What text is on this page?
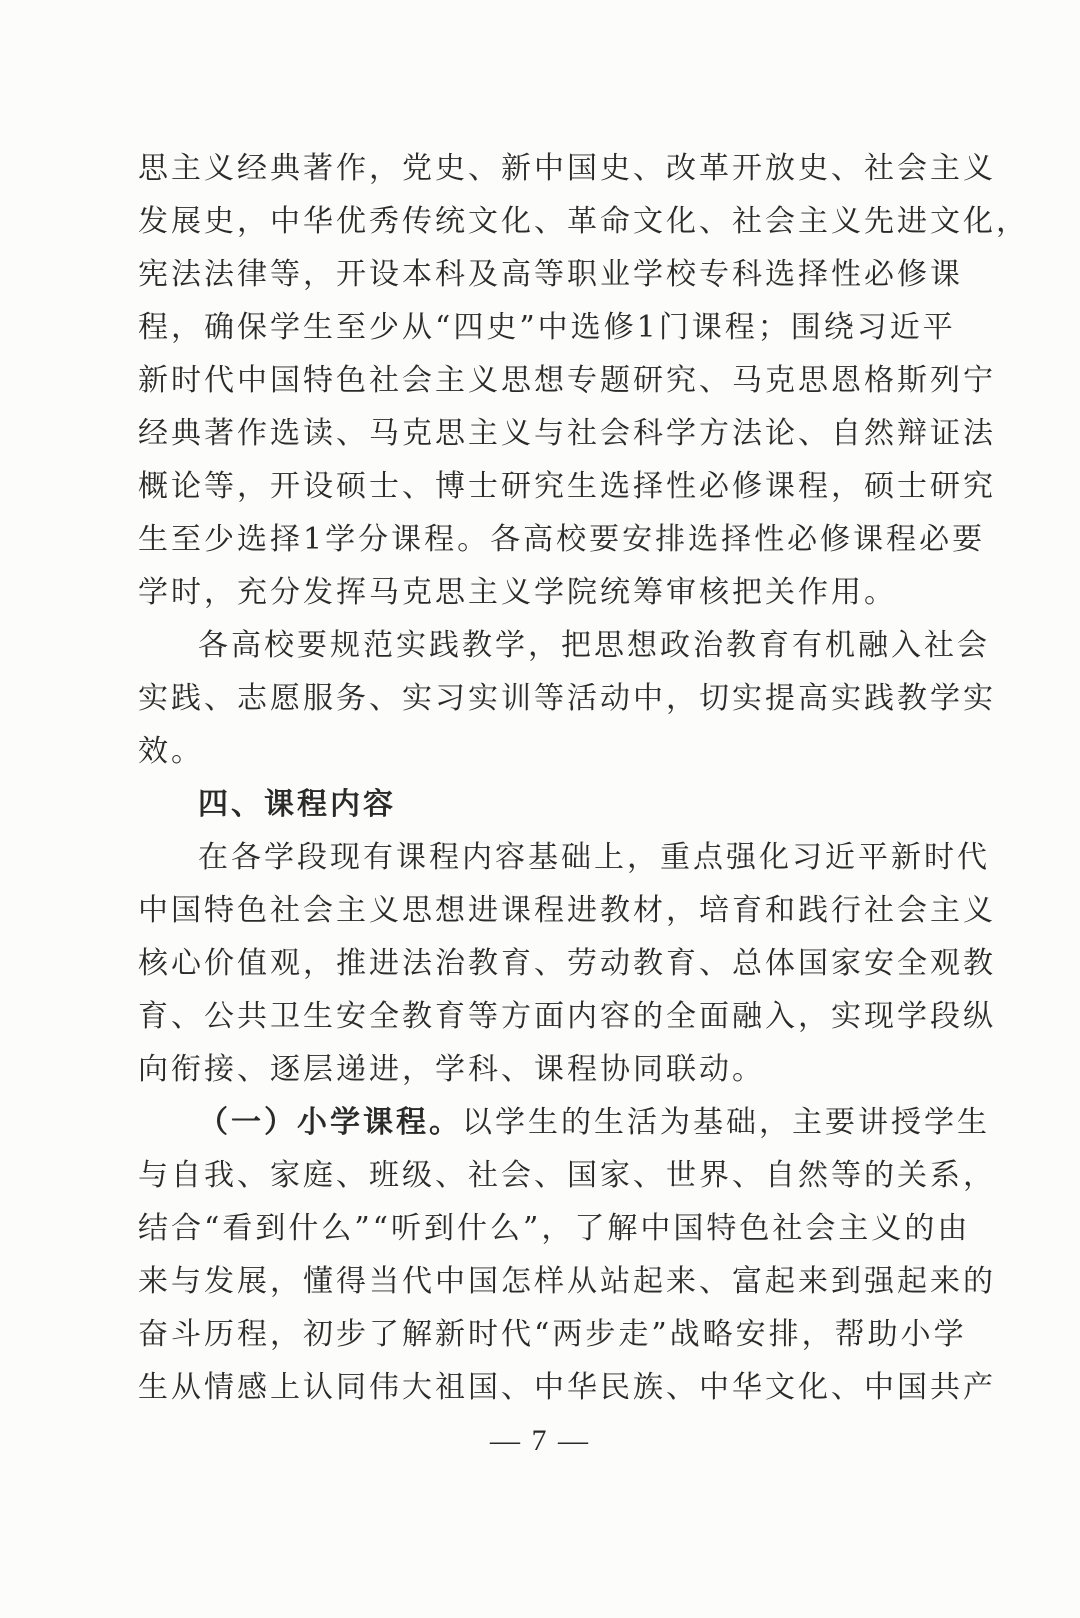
思主义经典著作，党史、新中国史、改革开放史、社会主义
发展史，中华优秀传统文化、革命文化、社会主义先进文化，
宪法法律等，开设本科及高等职业学校专科选择性必修课
程，确保学生至少从“四史”中选修1门课程；围绕习近平
新时代中国特色社会主义思想专题研究、马克思恩格斯列宁
经典著作选读、马克思主义与社会科学方法论、自然辩证法
概论等，开设硕士、博士研究生选择性必修课程，硕士研究
生至少选择1学分课程。各高校要安排选择性必修课程必要
学时，充分发挥马克思主义学院统筹审核把关作用。
各高校要规范实践教学，把思想政治教育有机融入社会
实践、志愿服务、实习实训等活动中，切实提高实践教学实
效。
四、课程内容
在各学段现有课程内容基础上，重点强化习近平新时代
中国特色社会主义思想进课程进教材，培育和践行社会主义
核心价值观，推进法治教育、劳动教育、总体国家安全观教
育、公共卫生安全教育等方面内容的全面融入，实现学段纵
向衔接、逐层递进，学科、课程协同联动。
（一）小学课程。以学生的生活为基础，主要讲授学生
与自我、家庭、班级、社会、国家、世界、自然等的关系，
结合“看到什么”“听到什么”，了解中国特色社会主义的由
来与发展，懂得当代中国怎样从站起来、富起来到强起来的
奋斗历程，初步了解新时代“两步走”战略安排，帮助小学
生从情感上认同伟大祖国、中华民族、中华文化、中国共产
— 7 —
